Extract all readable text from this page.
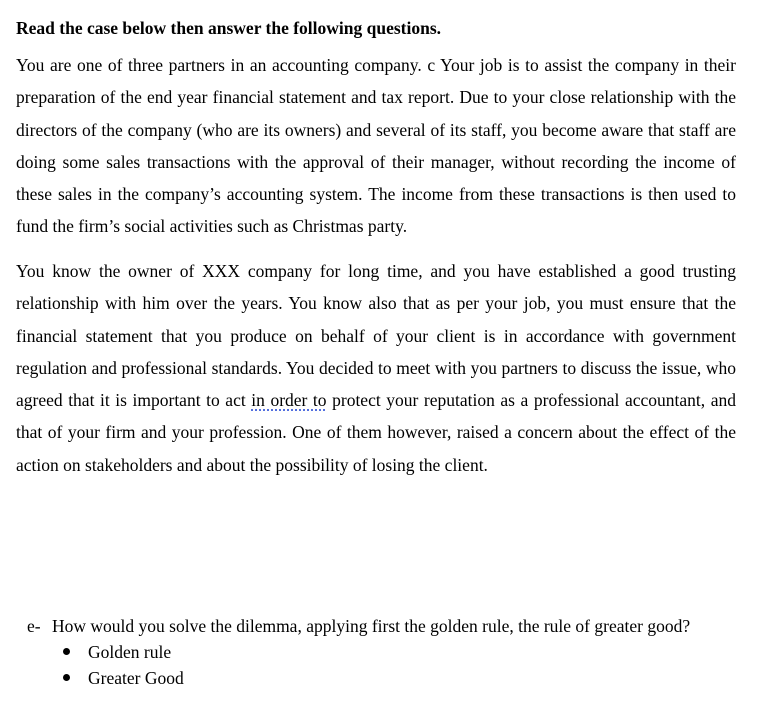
Read the case below then answer the following questions.

You are one of three partners in an accounting company. c Your job is to assist the company in their preparation of the end year financial statement and tax report. Due to your close relationship with the directors of the company (who are its owners) and several of its staff, you become aware that staff are doing some sales transactions with the approval of their manager, without recording the income of these sales in the company’s accounting system. The income from these transactions is then used to fund the firm’s social activities such as Christmas party.

You know the owner of XXX company for long time, and you have established a good trusting relationship with him over the years. You know also that as per your job, you must ensure that the financial statement that you produce on behalf of your client is in accordance with government regulation and professional standards. You decided to meet with you partners to discuss the issue, who agreed that it is important to act in order to protect your reputation as a professional accountant, and that of your firm and your profession. One of them however, raised a concern about the effect of the action on stakeholders and about the possibility of losing the client.

e- How would you solve the dilemma, applying first the golden rule, the rule of greater good?
Golden rule
Greater Good
